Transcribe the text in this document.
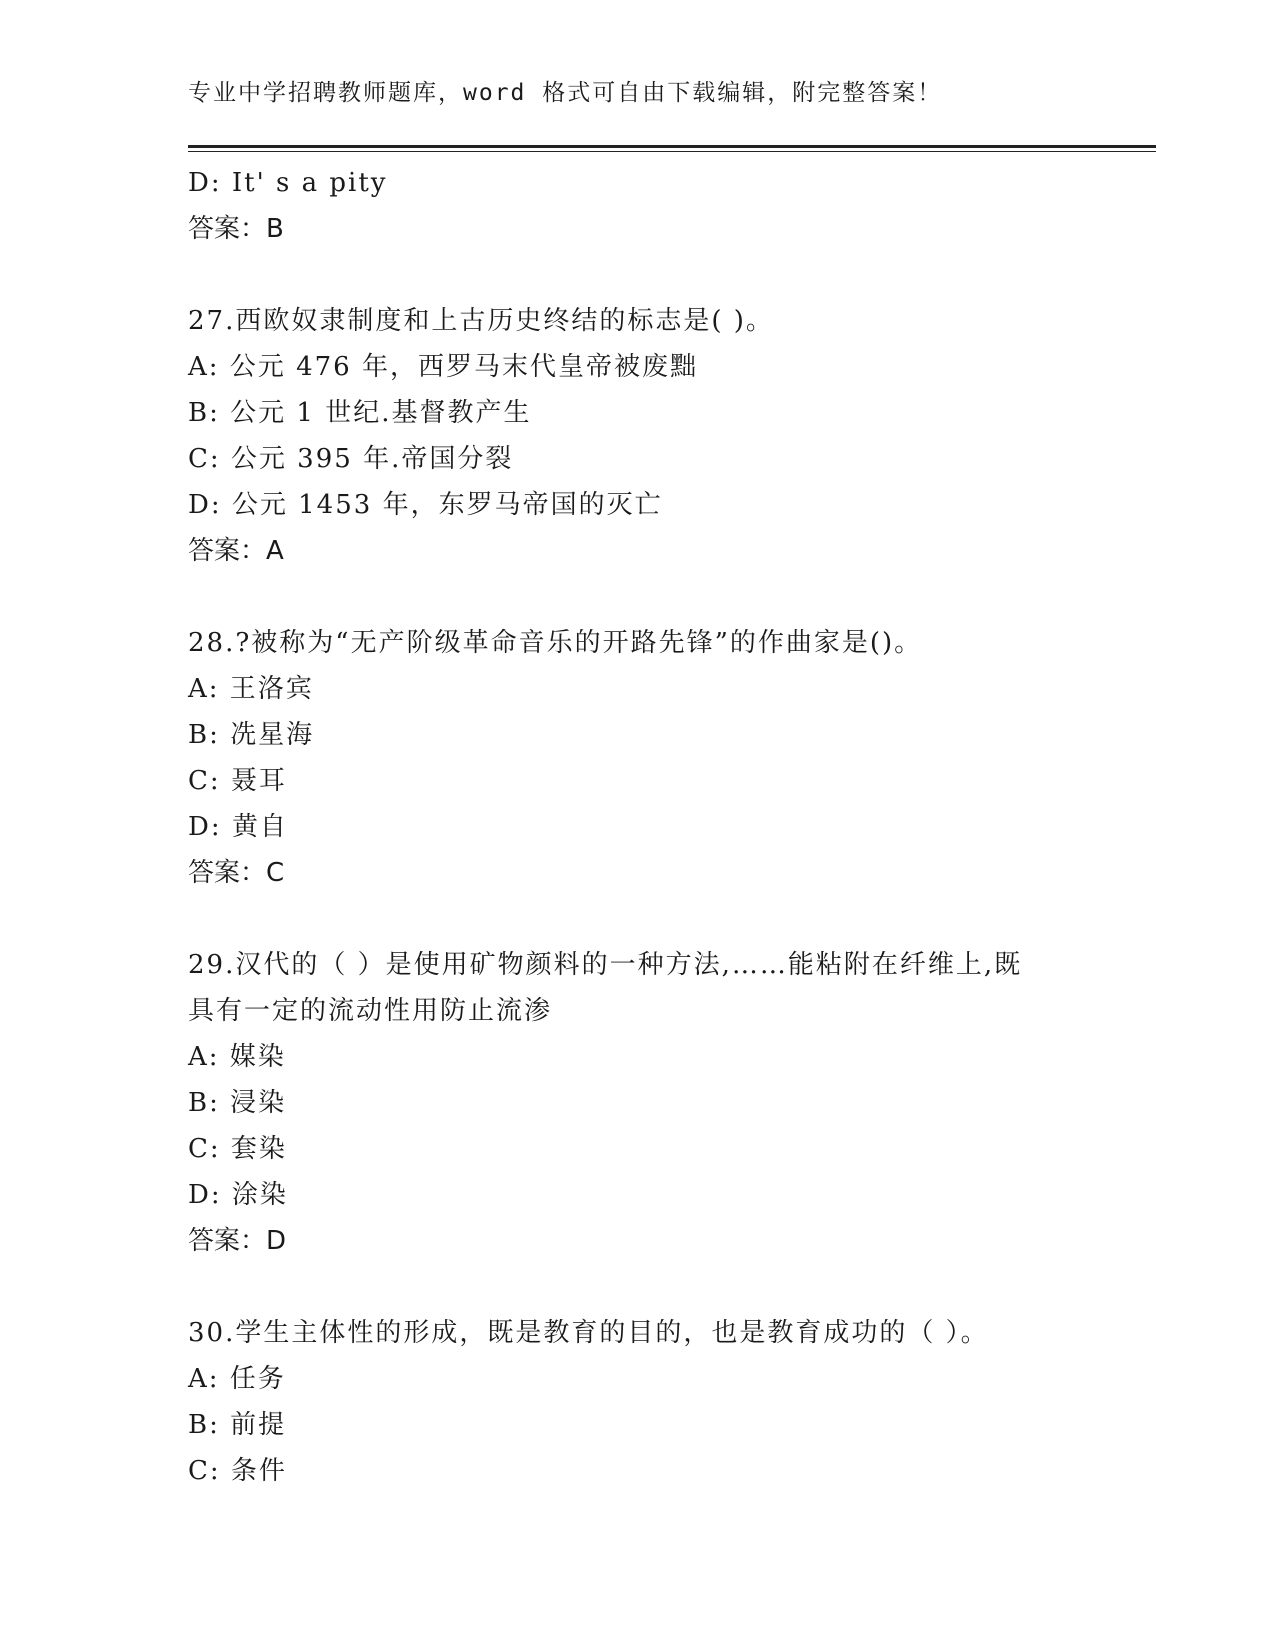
专业中学招聘教师题库，word 格式可自由下载编辑，附完整答案！
D: It' s a pity
答案：B
27.西欧奴隶制度和上古历史终结的标志是( )。
A: 公元 476 年，西罗马末代皇帝被废黜
B: 公元 1 世纪.基督教产生
C: 公元 395 年.帝国分裂
D: 公元 1453 年，东罗马帝国的灭亡
答案：A
28.?被称为“无产阶级革命音乐的开路先锋”的作曲家是()。
A: 王洛宾
B: 冼星海
C: 聂耳
D: 黄自
答案：C
29.汉代的（ ）是使用矿物颜料的一种方法,……能粘附在纤维上,既
具有一定的流动性用防止流渗
A: 媒染
B: 浸染
C: 套染
D: 涂染
答案：D
30.学生主体性的形成，既是教育的目的，也是教育成功的（ ）。
A: 任务
B: 前提
C: 条件
